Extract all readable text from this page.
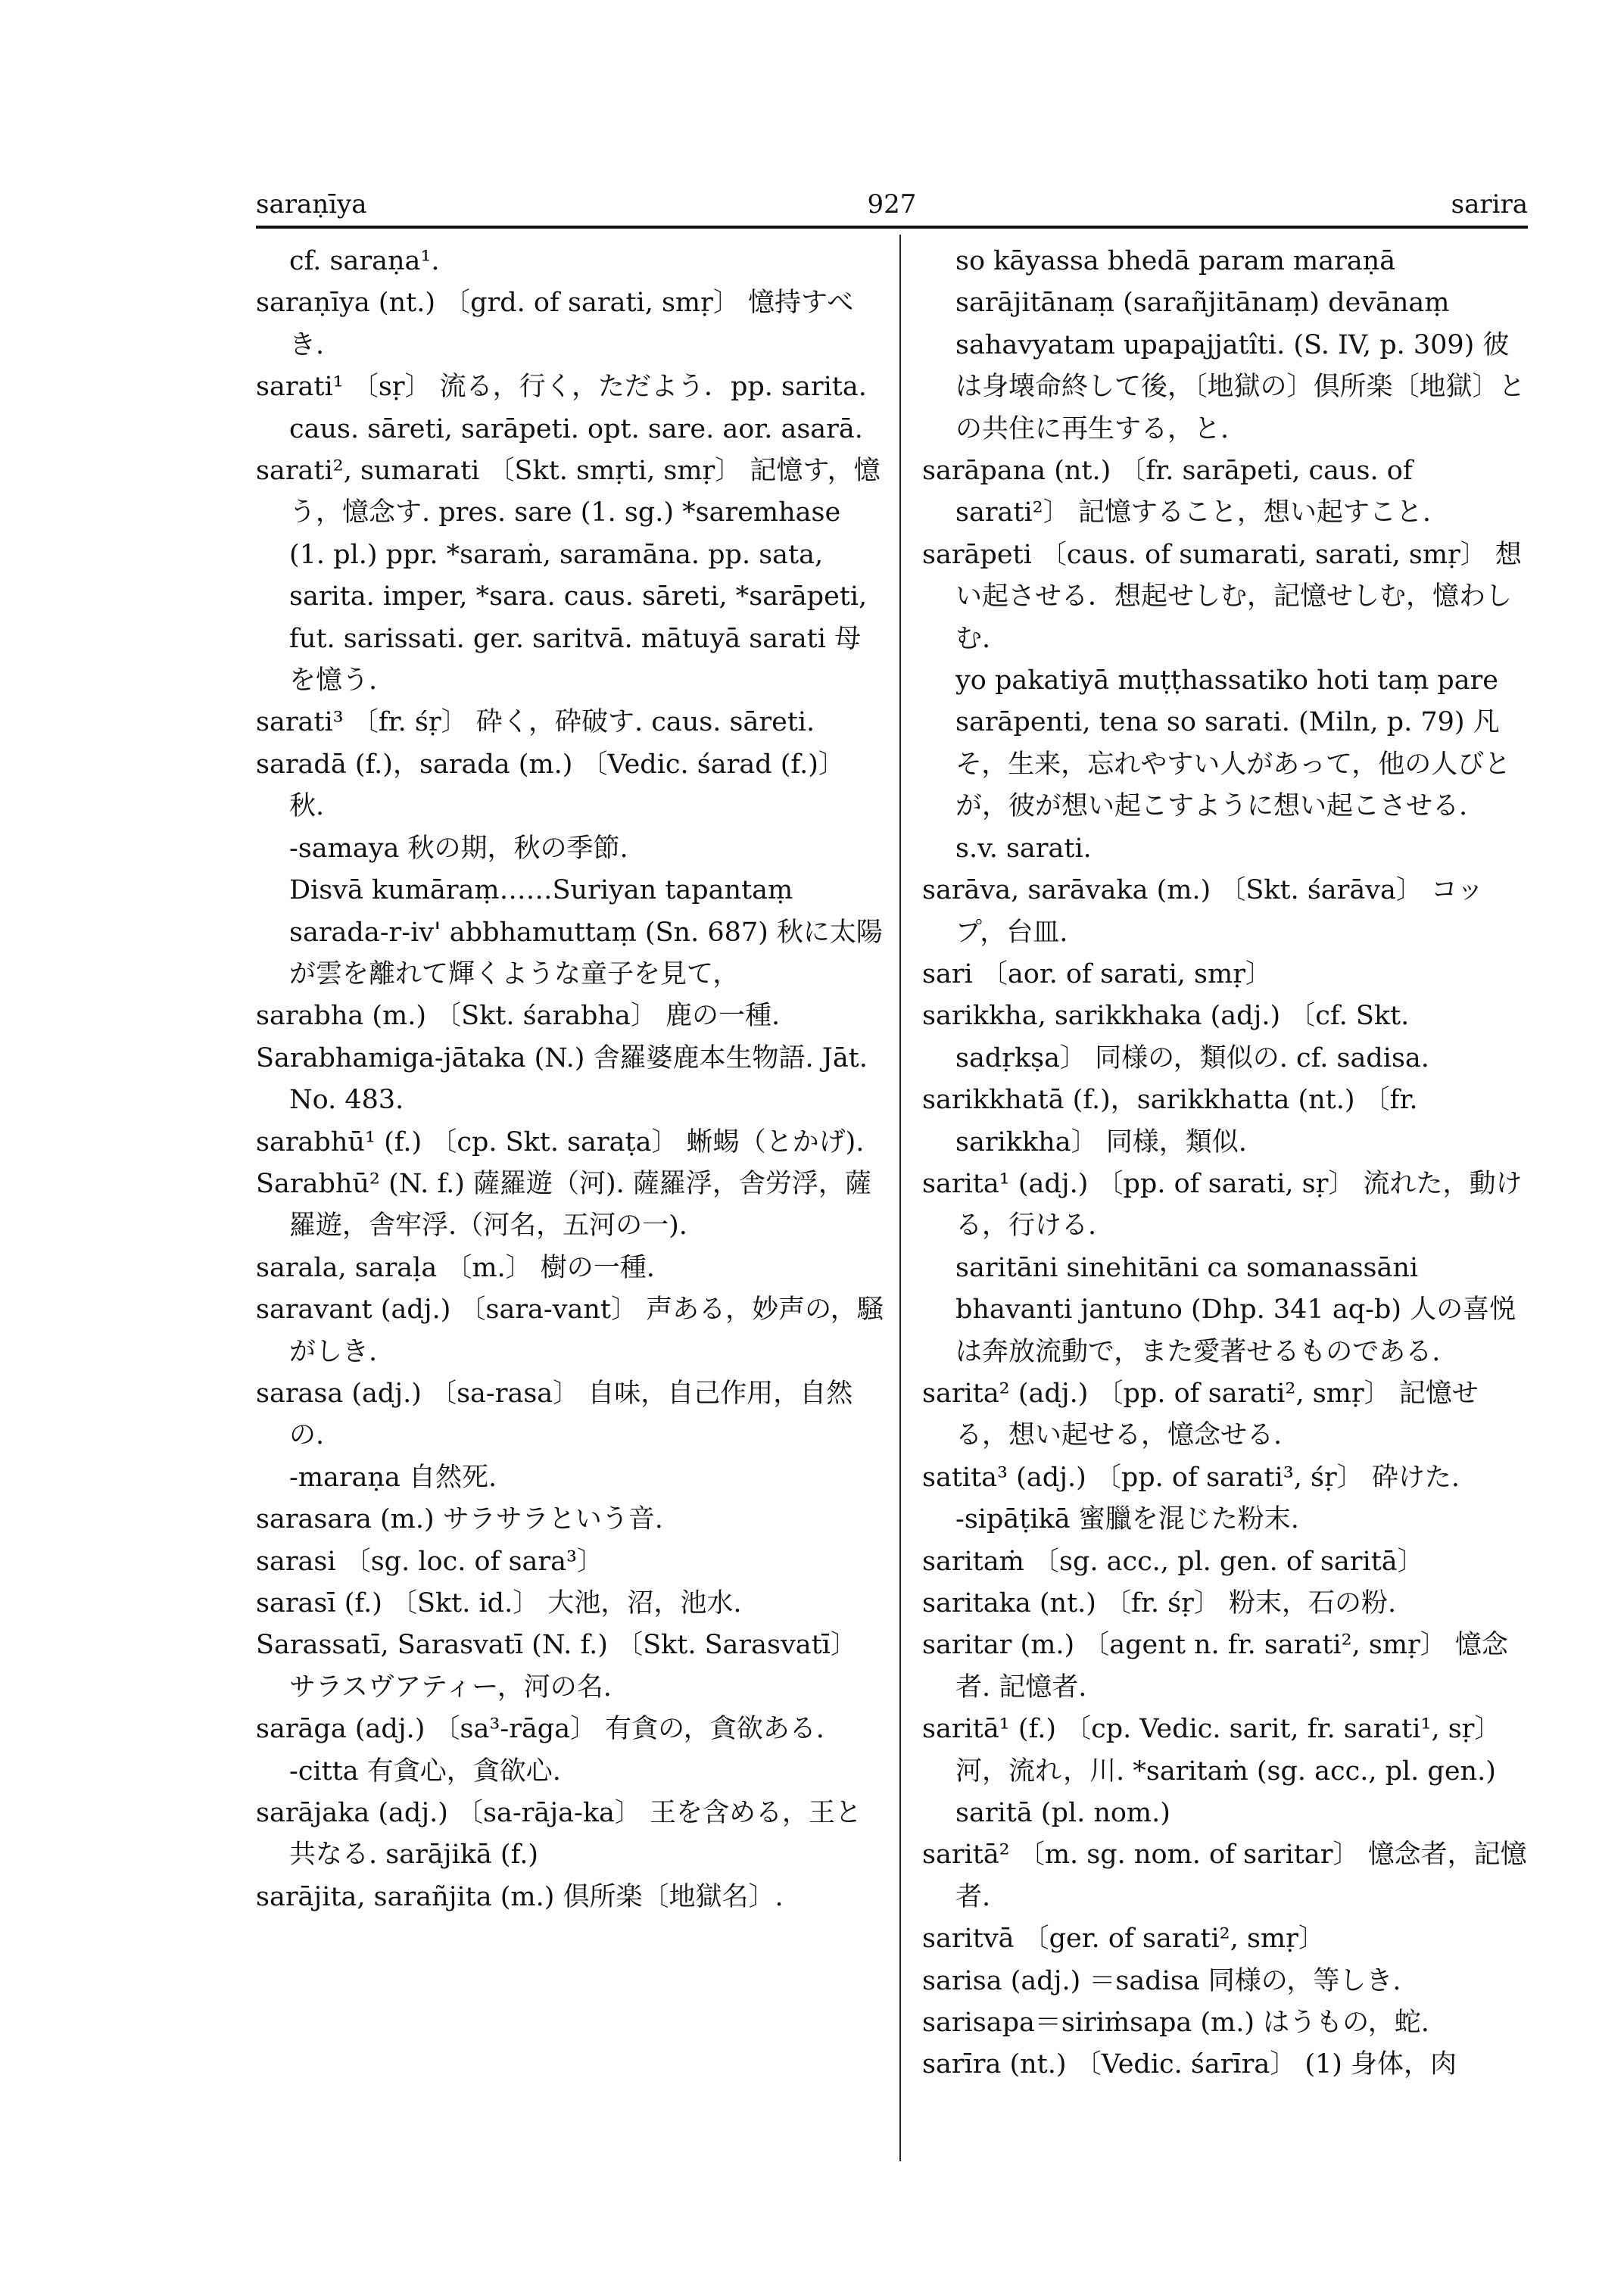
saraṇīya	927	sarira

cf. saraṇa¹.

saraṇīya (nt.) 〔grd. of sarati, smṛ〕 憶持すべき.

sarati¹ 〔sṛ〕 流る，行く，ただよう．pp. sarita. caus. sāreti, sarāpeti. opt. sare. aor. asarā.

sarati², sumarati 〔Skt. smṛti, smṛ〕 記憶す，憶う，憶念す. pres. sare (1. sg.) *saremhase (1. pl.) ppr. *saraṁ, saramāna. pp. sata, sarita. imper, *sara. caus. sāreti, *sarāpeti, fut. sarissati. ger. saritvā. mātuyā sarati 母を憶う.

sarati³ 〔fr. śṛ〕 砕く，砕破す. caus. sāreti.

saradā (f.)，sarada (m.) 〔Vedic. śarad (f.)〕 秋.

-samaya 秋の期，秋の季節.

Disvā kumāraṃ……Suriyan tapantaṃ sarada-r-iv' abbhamuttaṃ (Sn. 687) 秋に太陽が雲を離れて輝くような童子を見て，

sarabha (m.) 〔Skt. śarabha〕 鹿の一種.

Sarabhamiga-jātaka (N.) 舎羅婆鹿本生物語. Jāt. No. 483.

sarabhū¹ (f.) 〔cp. Skt. saraṭa〕 蜥蜴（とかげ).

Sarabhū² (N. f.) 薩羅遊（河). 薩羅浮，舎労浮，薩羅遊，舎牢浮.（河名，五河の一).

sarala, saraḷa 〔m.〕 樹の一種.

saravant (adj.) 〔sara-vant〕 声ある，妙声の，騒がしき.

sarasa (adj.) 〔sa-rasa〕 自味，自己作用，自然の.

-maraṇa 自然死.

sarasara (m.) サラサラという音.

sarasi 〔sg. loc. of sara³〕

sarasī (f.) 〔Skt. id.〕 大池，沼，池水.

Sarassatī, Sarasvatī (N. f.) 〔Skt. Sarasvatī〕 サラスヴアティー，河の名.

sarāga (adj.) 〔sa³-rāga〕 有貪の，貪欲ある.

-citta 有貪心，貪欲心.

sarājaka (adj.) 〔sa-rāja-ka〕 王を含める，王と共なる. sarājikā (f.)

sarājita, sarañjita (m.) 倶所楽〔地獄名〕.

so kāyassa bhedā param maraṇā sarājitānaṃ (sarañjitānaṃ) devānaṃ sahavyatam upapajjatîti. (S. IV, p. 309) 彼は身壊命終して後，〔地獄の〕倶所楽〔地獄〕との共住に再生する，と.

sarāpana (nt.) 〔fr. sarāpeti, caus. of sarati²〕 記憶すること，想い起すこと.

sarāpeti 〔caus. of sumarati, sarati, smṛ〕 想い起させる．想起せしむ，記憶せしむ，憶わしむ.

yo pakatiyā muṭṭhassatiko hoti taṃ pare sarāpenti, tena so sarati. (Miln, p. 79) 凡そ，生来，忘れやすい人があって，他の人びとが，彼が想い起こすように想い起こさせる.

s.v. sarati.

sarāva, sarāvaka (m.) 〔Skt. śarāva〕 コップ，台皿.

sari 〔aor. of sarati, smṛ〕

sarikkha, sarikkhaka (adj.) 〔cf. Skt. sadṛkṣa〕 同様の，類似の. cf. sadisa.

sarikkhatā (f.)，sarikkhatta (nt.) 〔fr. sarikkha〕 同様，類似.

sarita¹ (adj.) 〔pp. of sarati, sṛ〕 流れた，動ける，行ける.

saritāni sinehitāni ca somanassāni bhavanti jantuno (Dhp. 341 aq-b) 人の喜悦は奔放流動で，また愛著せるものである.

sarita² (adj.) 〔pp. of sarati², smṛ〕 記憶せる，想い起せる，憶念せる.

satita³ (adj.) 〔pp. of sarati³, śṛ〕 砕けた.

-sipāṭikā 蜜臘を混じた粉末.

saritaṁ 〔sg. acc., pl. gen. of saritā〕

saritaka (nt.) 〔fr. śṛ〕 粉末，石の粉.

saritar (m.) 〔agent n. fr. sarati², smṛ〕 憶念者. 記憶者.

saritā¹ (f.) 〔cp. Vedic. sarit, fr. sarati¹, sṛ〕 河，流れ，川. *saritaṁ (sg. acc., pl. gen.) saritā (pl. nom.)

saritā² 〔m. sg. nom. of saritar〕 憶念者，記憶者.

saritvā 〔ger. of sarati², smṛ〕

sarisa (adj.) ＝sadisa 同様の，等しき.

sarisapa＝siriṁsapa (m.) はうもの，蛇.

sarīra (nt.) 〔Vedic. śarīra〕 (1) 身体，肉
